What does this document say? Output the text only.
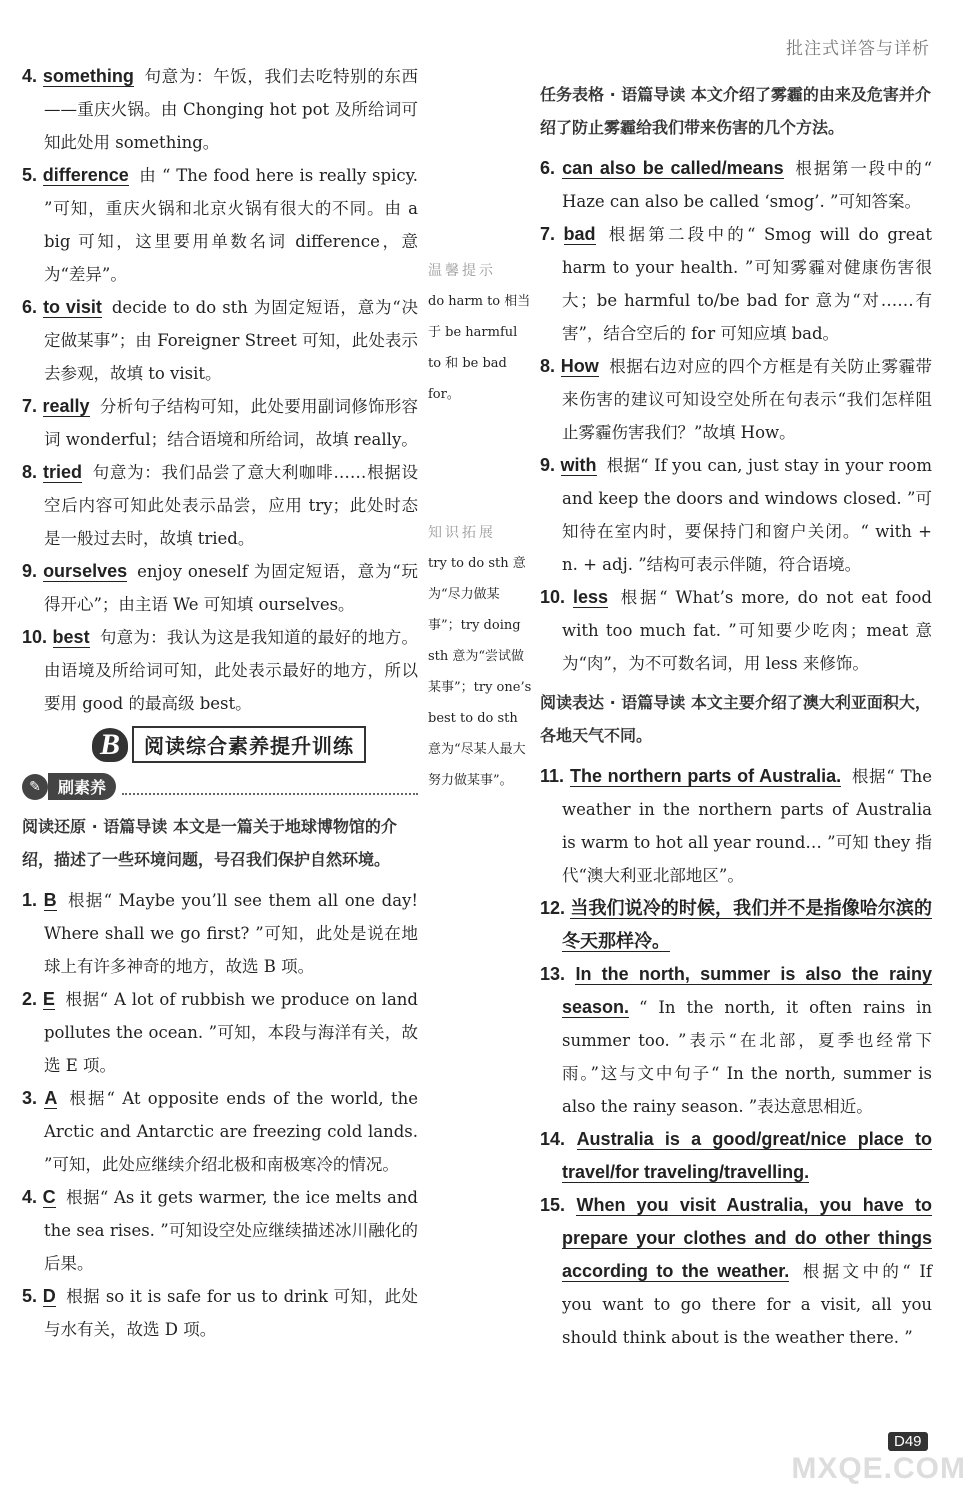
批注式详答与详析
4. something 句意为：午饭，我们去吃特别的东西——重庆火锅。由 Chonging hot pot 及所给词可知此处用 something。
5. difference 由 “ The food here is really spicy. ”可知，重庆火锅和北京火锅有很大的不同。由 a big 可知，这里要用单数名词 difference，意为“差异”。
6. to visit decide to do sth 为固定短语，意为“决定做某事”；由 Foreigner Street 可知，此处表示去参观，故填 to visit。
7. really 分析句子结构可知，此处要用副词修饰形容词 wonderful；结合语境和所给词，故填 really。
8. tried 句意为：我们品尝了意大利咖啡……根据设空后内容可知此处表示品尝，应用 try；此处时态是一般过去时，故填 tried。
9. ourselves enjoy oneself 为固定短语，意为“玩得开心”；由主语 We 可知填 ourselves。
10. best 句意为：我认为这是我知道的最好的地方。由语境及所给词可知，此处表示最好的地方，所以要用 good 的最高级 best。
B	阅读综合素养提升训练
✎	刷素养
阅读还原 · 语篇导读 本文是一篇关于地球博物馆的介绍，描述了一些环境问题，号召我们保护自然环境。
1. B 根据“ Maybe you’ll see them all one day! Where shall we go first? ”可知，此处是说在地球上有许多神奇的地方，故选 B 项。
2. E 根据“ A lot of rubbish we produce on land pollutes the ocean. ”可知，本段与海洋有关，故选 E 项。
3. A 根据“ At opposite ends of the world, the Arctic and Antarctic are freezing cold lands. ”可知，此处应继续介绍北极和南极寒冷的情况。
4. C 根据“ As it gets warmer, the ice melts and the sea rises. ”可知设空处应继续描述冰川融化的后果。
5. D 根据 so it is safe for us to drink 可知，此处与水有关，故选 D 项。
温馨提示
do harm to 相当于 be harmful to 和 be bad for。
知识拓展
try to do sth 意为“尽力做某事”；try doing sth 意为“尝试做某事”；try one’s best to do sth 意为“尽某人最大努力做某事”。
任务表格 · 语篇导读 本文介绍了雾霾的由来及危害并介绍了防止雾霾给我们带来伤害的几个方法。
6. can also be called/means 根据第一段中的“ Haze can also be called ‘smog’. ”可知答案。
7. bad 根据第二段中的“ Smog will do great harm to your health. ”可知雾霾对健康伤害很大；be harmful to/be bad for 意为“对……有害”，结合空后的 for 可知应填 bad。
8. How 根据右边对应的四个方框是有关防止雾霾带来伤害的建议可知设空处所在句表示“我们怎样阻止雾霾伤害我们？”故填 How。
9. with 根据“ If you can, just stay in your room and keep the doors and windows closed. ”可知待在室内时，要保持门和窗户关闭。“ with + n. + adj. ”结构可表示伴随，符合语境。
10. less 根据“ What’s more, do not eat food with too much fat. ”可知要少吃肉；meat 意为“肉”，为不可数名词，用 less 来修饰。
阅读表达 · 语篇导读 本文主要介绍了澳大利亚面积大，各地天气不同。
11. The northern parts of Australia. 根据“ The weather in the northern parts of Australia is warm to hot all year round… ”可知 they 指代“澳大利亚北部地区”。
12. 当我们说冷的时候，我们并不是指像哈尔滨的冬天那样冷。
13. In the north, summer is also the rainy season. “ In the north, it often rains in summer too. ”表示“在北部，夏季也经常下雨。”这与文中句子“ In the north, summer is also the rainy season. ”表达意思相近。
14. Australia is a good/great/nice place to travel/for traveling/travelling.
15. When you visit Australia, you have to prepare your clothes and do other things according to the weather. 根据文中的“ If you want to go there for a visit, all you should think about is the weather there. ”
D49
MXQE.COM
